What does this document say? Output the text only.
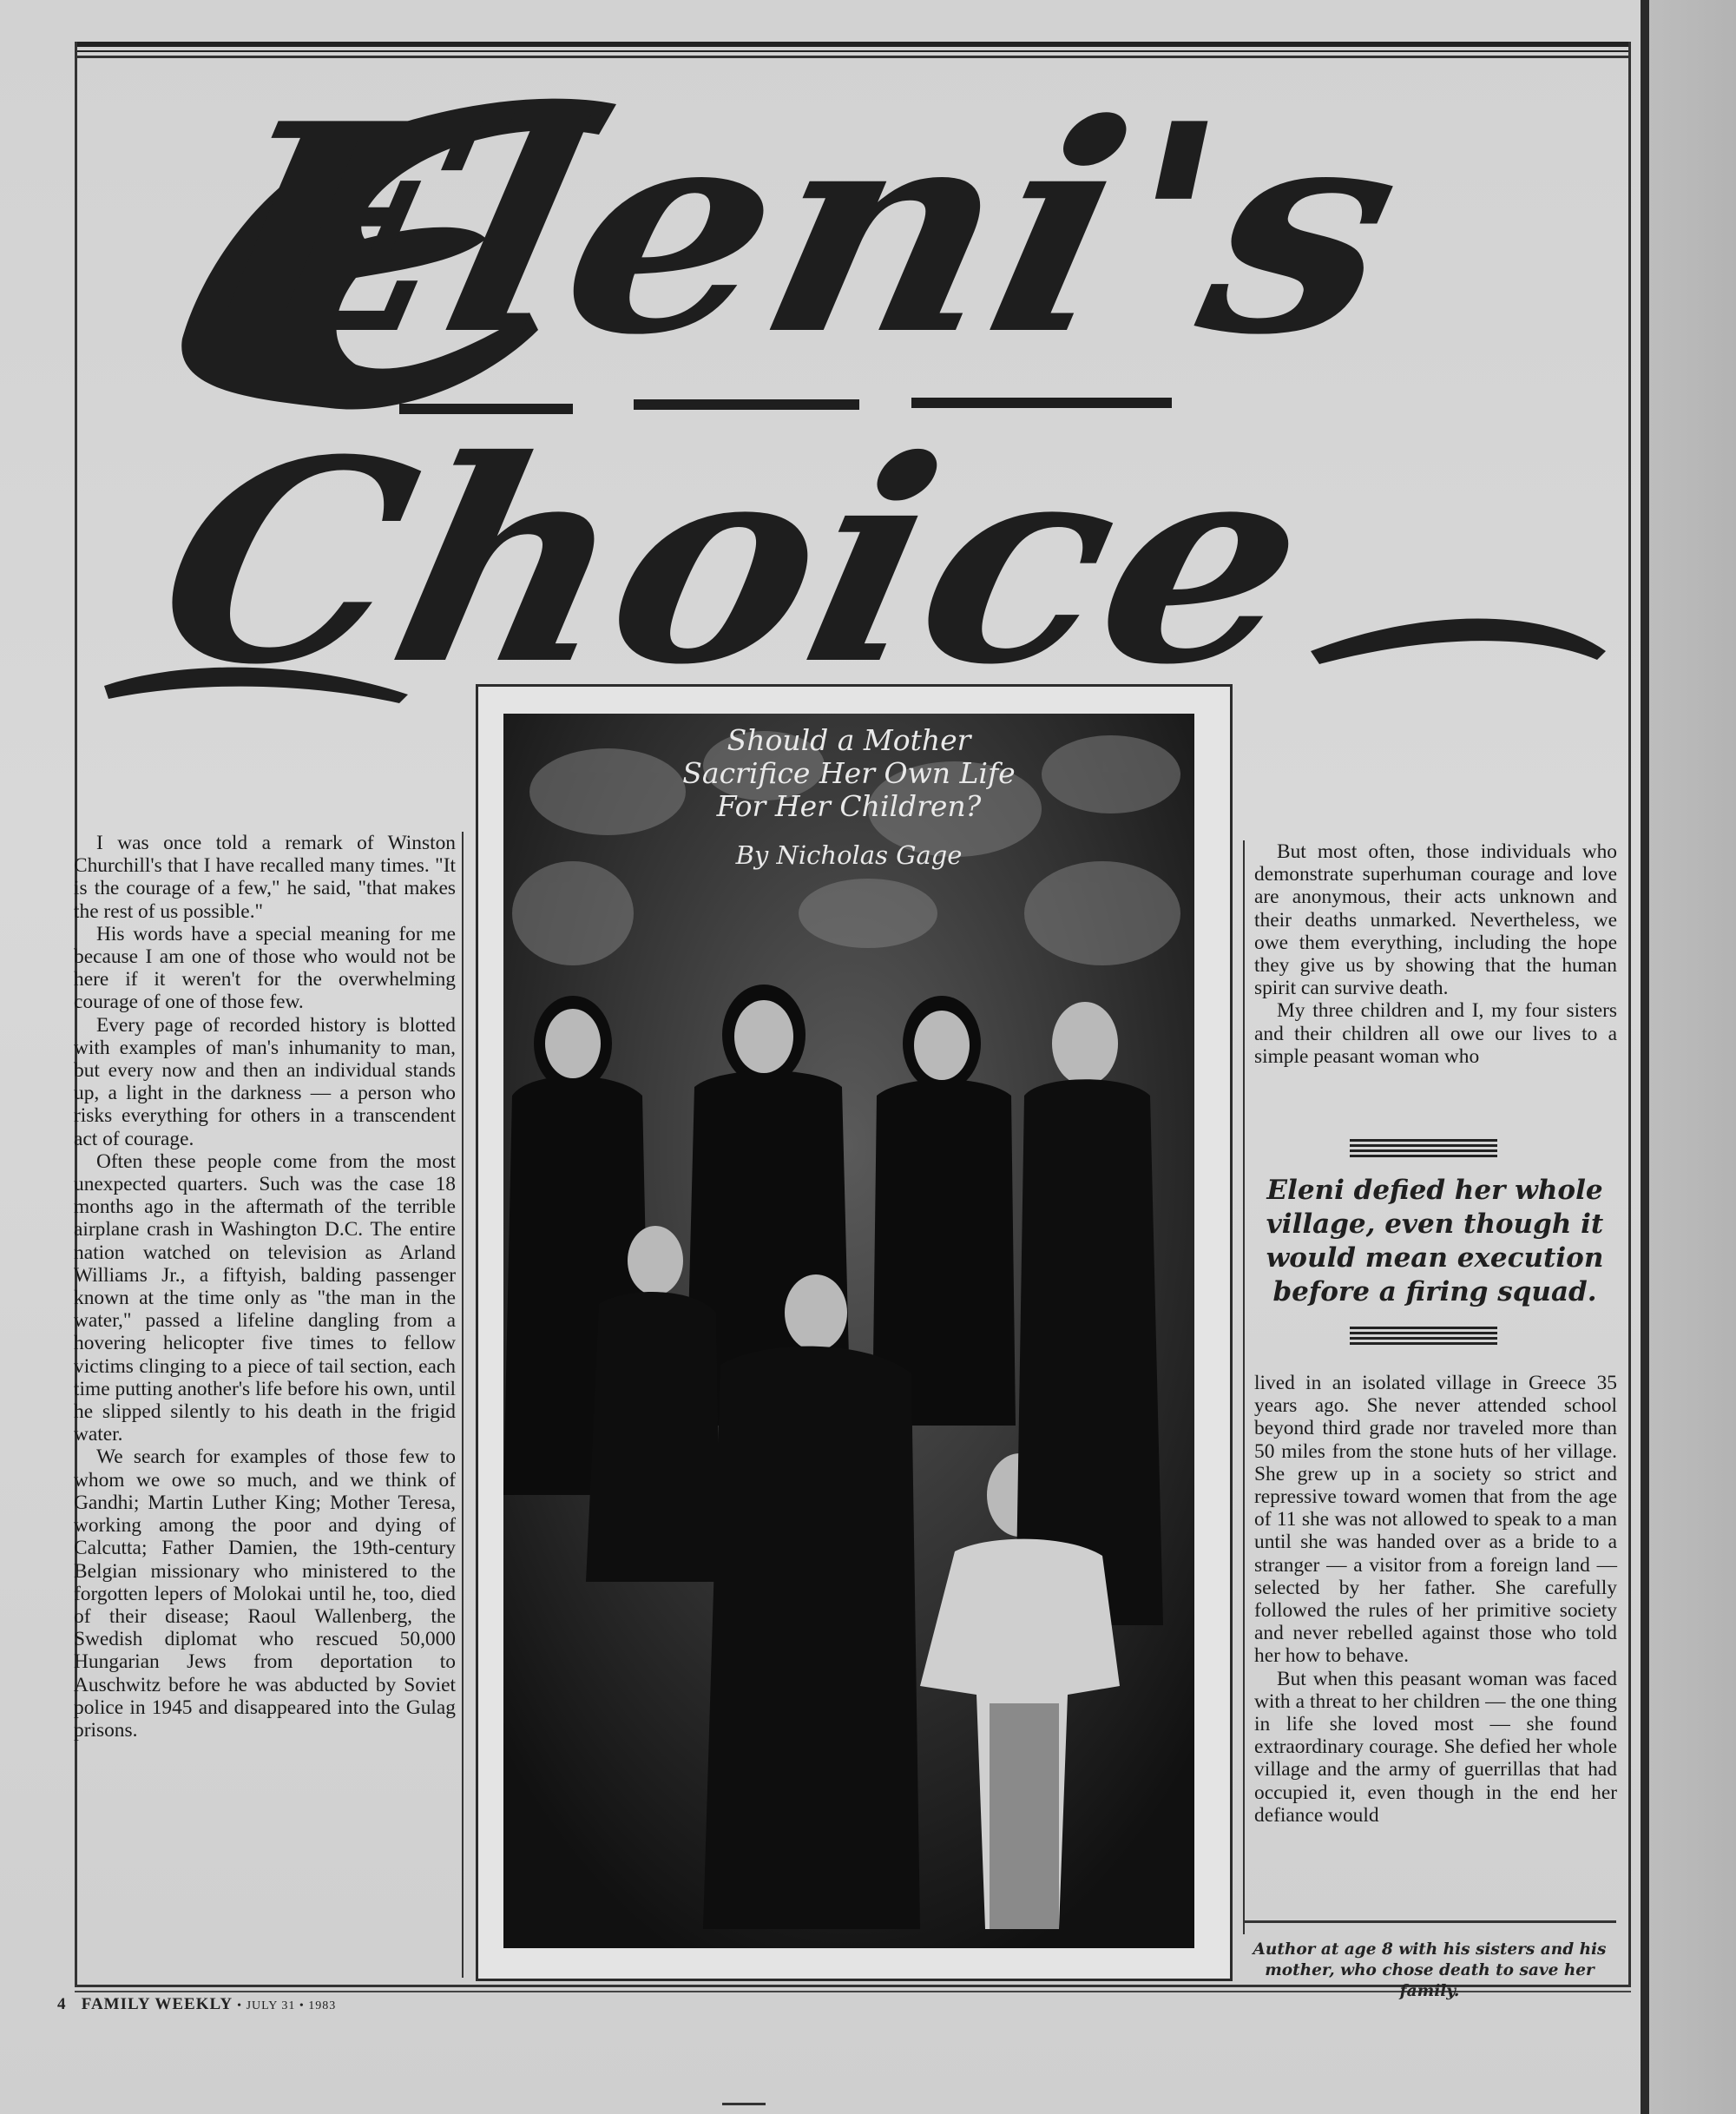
Eleni's
Choice

I was once told a remark of Winston Churchill's that I have recalled many times. "It is the courage of a few," he said, "that makes the rest of us possible."

His words have a special meaning for me because I am one of those who would not be here if it weren't for the overwhelming courage of one of those few.

Every page of recorded history is blotted with examples of man's inhumanity to man, but every now and then an individual stands up, a light in the darkness — a person who risks everything for others in a transcendent act of courage.

Often these people come from the most unexpected quarters. Such was the case 18 months ago in the aftermath of the terrible airplane crash in Washington D.C. The entire nation watched on television as Arland Williams Jr., a fiftyish, balding passenger known at the time only as "the man in the water," passed a lifeline dangling from a hovering helicopter five times to fellow victims clinging to a piece of tail section, each time putting another's life before his own, until he slipped silently to his death in the frigid water.

We search for examples of those few to whom we owe so much, and we think of Gandhi; Martin Luther King; Mother Teresa, working among the poor and dying of Calcutta; Father Damien, the 19th-century Belgian missionary who ministered to the forgotten lepers of Molokai until he, too, died of their disease; Raoul Wallenberg, the Swedish diplomat who rescued 50,000 Hungarian Jews from deportation to Auschwitz before he was abducted by Soviet police in 1945 and disappeared into the Gulag prisons.

Should a Mother
Sacrifice Her Own Life
For Her Children?
By Nicholas Gage	But most often, those individuals who demonstrate superhuman courage and love are anonymous, their acts unknown and their deaths unmarked. Nevertheless, we owe them everything, including the hope they give us by showing that the human spirit can survive death.

My three children and I, my four sisters and their children all owe our lives to a simple peasant woman who

Eleni defied her whole village, even though it would mean execution before a firing squad.

lived in an isolated village in Greece 35 years ago. She never attended school beyond third grade nor traveled more than 50 miles from the stone huts of her village. She grew up in a society so strict and repressive toward women that from the age of 11 she was not allowed to speak to a man until she was handed over as a bride to a stranger — a visitor from a foreign land — selected by her father. She carefully followed the rules of her primitive society and never rebelled against those who told her how to behave.

But when this peasant woman was faced with a threat to her children — the one thing in life she loved most — she found extraordinary courage. She defied her whole village and the army of guerrillas that had occupied it, even though in the end her defiance would

Author at age 8 with his sisters and his mother, who chose death to save her family.
4 FAMILY WEEKLY • JULY 31 • 1983
